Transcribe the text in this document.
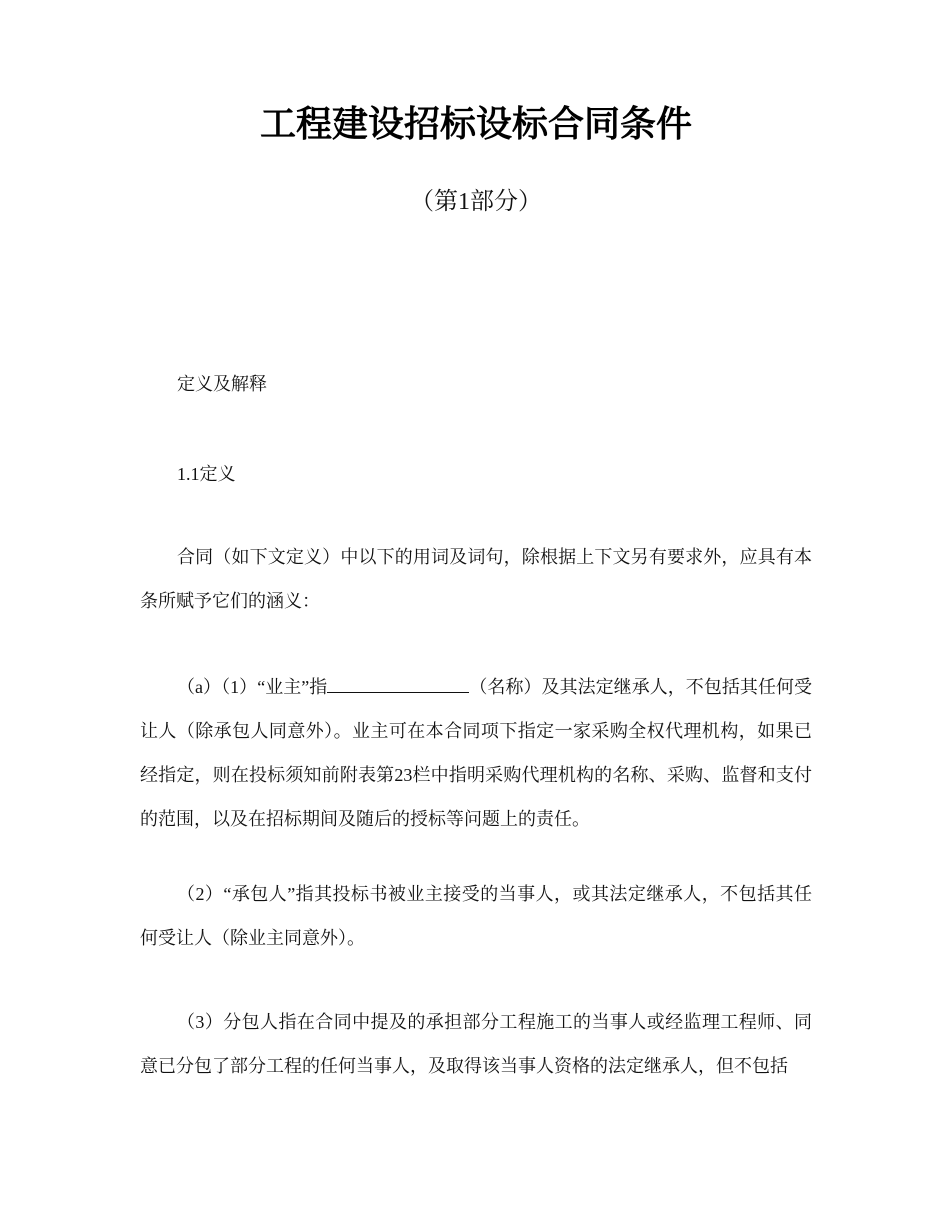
工程建设招标设标合同条件
（第1部分）
定义及解释
1.1定义

合同（如下文定义）中以下的用词及词句，除根据上下文另有要求外，应具有本条所赋予它们的涵义：

（a）（1）“业主”指	（名称）及其法定继承人，不包括其任何受让人（除承包人同意外）。业主可在本合同项下指定一家采购全权代理机构，如果已经指定，则在投标须知前附表第23栏中指明采购代理机构的名称、采购、监督和支付的范围，以及在招标期间及随后的授标等问题上的责任。

（2）“承包人”指其投标书被业主接受的当事人，或其法定继承人，不包括其任何受让人（除业主同意外）。

（3）分包人指在合同中提及的承担部分工程施工的当事人或经监理工程师、同意已分包了部分工程的任何当事人，及取得该当事人资格的法定继承人，但不包括
